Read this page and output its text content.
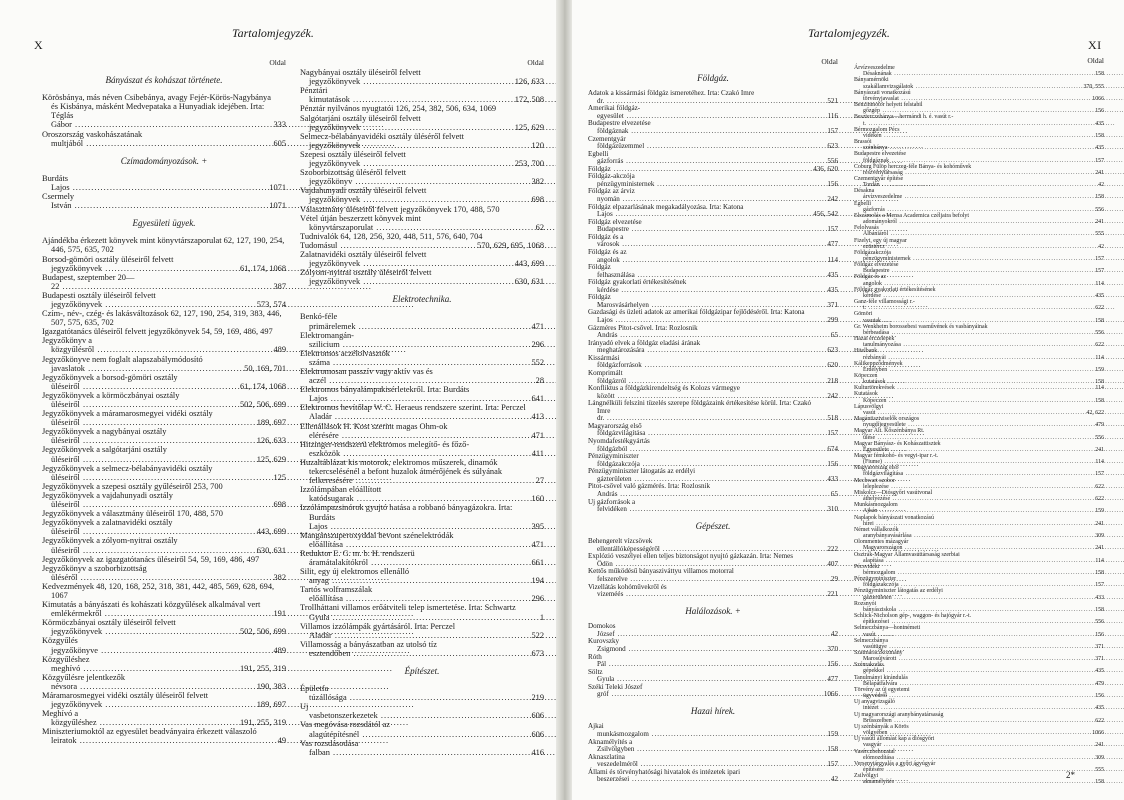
X
Tartalomjegyzék.
Oldal
Bányászat és kohászat története.
Körösbánya, más néven Csibebánya, avagy Fejér-Körös-Nagybánya és Kisbánya, másként Medvepataka a Hunyadiak idejében. Irta: Téglás Gábor .....	333
Oroszország vaskohászatának multjából .....	605
Czímadományozások. +
Burdáts Lajos .....	1071
Csermely István .....	1071
Egyesületi ügyek.
Ajándékba érkezett könyvek mint könyvtárszaporulat 62, 127, 190, 254, 446, 575, 635, 702
Borsod-gömöri osztály üléseiről felvett jegyzőkönyvek .....	61, 174, 1068
Budapest, szeptember 20—22 .....	387
Budapesti osztály üléseiről felvett jegyzőkönyvek .....	573, 574
Czím-, név-, czég- és lakásváltozások 62, 127, 190, 254, 319, 383, 446, 507, 575, 635, 702
Igazgatótanács üléseiről felvett jegyzőkönyvek 54, 59, 169, 486, 497
Jegyzőkönyv a közgyűlésről .....	489
Jegyzőkönyve nem foglalt alapszabálymódosító javaslatok .....	50, 169, 701
Jegyzőkönyvek a borsod-gömöri osztály üléseiről .....	61, 174, 1068
Jegyzőkönyvek a körmöczbányai osztály üléseiről .....	502, 506, 699
Jegyzőkönyvek a máramarosmegyei vidéki osztály üléseiről .....	189, 697
Jegyzőkönyvek a nagybányai osztály üléseiről .....	126, 633
Jegyzőkönyvek a salgótarjáni osztály üléseiről .....	125, 629
Jegyzőkönyvek a selmecz-bélabányavidéki osztály üléseiről .....	125
Jegyzőkönyvek a szepesi osztály gyűléseiről 253, 700
Jegyzőkönyvek a vajdahunyadi osztály üléseiről .....	698
Jegyzőkönyvek a választmány üléseiről 170, 488, 570
Jegyzőkönyvek a zalatnavidéki osztály üléseiről .....	443, 699
Jegyzőkönyvek a zólyom-nyitrai osztály üléseiről .....	630, 631
Jegyzőkönyvek az igazgatótanács üléseiről 54, 59, 169, 486, 497
Jegyzőkönyv a szoborbizottság üléséről .....	382
Kedvezmények 48, 120, 168, 252, 318, 381, 442, 485, 569, 628, 694, 1067
Kimutatás a bányászati és kohászati közgyűlések alkalmával vert emlékérmekről .....	191
Körmöczbányai osztály üléseiről felvett jegyzőkönyvek .....	502, 506, 699
Közgyűlés jegyzőkönyve .....	489
Közgyűléshez meghívó .....	191, 255, 319
Közgyűlésre jelentkezők névsora .....	190, 383
Máramarosmegyei vidéki osztály üléseiről felvett jegyzőkönyvek .....	189, 697
Meghívó a közgyűléshez .....	191, 255, 319
Miniszteriumoktól az egyesület beadványaira érkezett válaszoló leiratok .....	49
Oldal
Nagybányai osztály üléseiről felvett jegyzőkönyvek .....	126, 633
Pénztári kimutatások .....	172, 508
Pénztár nyilvános nyugtatói 126, 254, 382, 506, 634, 1069
Salgótarjáni osztály üléseiről felvett jegyzőkönyvek .....	125, 629
Selmecz-bélabányavidéki osztály üléséről felvett jegyzőkönyvek .....	120
Szepesi osztály üléseiről felvett jegyzőkönyvek .....	253, 700
Szoborbizottság üléséről felvett jegyzőkönyv .....	382
Vajdahunyadi osztály üléseiről felvett jegyzőkönyvek .....	698
Választmány üléseiről felvett jegyzőkönyvek 170, 488, 570
Vétel útján beszerzett könyvek mint könyvtárszaporulat .....	62
Tudnivalók 64, 128, 256, 320, 448, 511, 576, 640, 704
Tudomásul .....	570, 629, 695, 1068
Zalatnavidéki osztály üléseiről felvett jegyzőkönyvek .....	443, 699
Zólyom-nyitrai osztály üléseiről felvett jegyzőkönyvek .....	630, 631
Elektrotechnika.
Benkó-féle primärelemek .....	471
Elektromangán-szilicium .....	296
Elektromos aczélolvasztók száma .....	552
Elektromosan passzív vagy aktív vas és aczél .....	28
Elektromos bányalámpakisérletekről. Irta: Burdáts Lajos .....	641
Elektromos hevítőlap W. C. Heraeus rendszere szerint. Irta: Perczel Aladár .....	413
Ellenállások H. Kost szerint magas Ohm-ok elérésére .....	471
Hitzinger-rendszerü elektromos melegítő- és főző-eszközök .....	411
Huzaltáblázat kis motorok, elektromos műszerek, dinamók tekercselésénél a befont huzalok átmérőjének és súlyának felkeresésére .....	27
Izzólámpában elóállított katódsugarak .....	160
Izzólámpazsinórok gyujtó hatása a robbanó bányagázokra. Irta: Burdáts Lajos .....	395
Mangánszuperoxyddal bevont szénelektródák előállítása .....	471
Reduktor E. G. m. b. H. rendszerü áramátalakítókról .....	661
Silit, egy új elektromos ellenálló anyag .....	194
Tartós wolframszálak előállítása .....	296
Trollháttani villamos erőátviteli telep ismertetése. Irta: Schwartz Gyula .....	1
Villamos izzólámpák gyártásáról. Irta: Perczel Aladár .....	522
Villamosság a bányászatban az utolsó tíz esztendőben .....	673
Építészet.
Épületfa túzállósága .....	219
Uj vasbetonszerkezetek .....	606
Vas megóvása rozsdától az alagútépítésnél .....	606
Vas rozsdásodása falban .....	416
Tartalomjegyzék.
XI
Oldal
Földgáz.
Adatok a kissármási földgáz ismeretéhez. Irta: Czakó Imre dr. .....	521
Amerikai földgáz-egyesület .....	116
Budapestre elvezetése földgáznak .....	157
Czementgyár földgázüzemmel .....	623
Egbelli gázforrás .....	556
Földgáz .....	436, 620
Földgáz-akczója pénzügyministernek .....	156
Földgáz az árviz nyomán .....	242
Földgáz elpazarlásának megakadályozása. Irta: Katona Lajos .....	456, 542
Földgáz elvezetése Budapestre .....	157
Földgáz és a városok .....	477
Földgáz és az angolok .....	114
Földgáz felhasználása .....	435
Földgáz gyakorlati értékesítésének kérdése .....	435
Földgáz Marosvásárhelyen .....	371
Gazdasági és üzleti adatok az amerikai földgázipar fejlődéséről. Irta: Katona Lajos .....	299
Gázméres Pitot-csővel. Irta: Rozlosnik András .....	65
Irányadó elvek a földgáz eladási árának meghatározására .....	623
Kissármási földgázforrások .....	620
Komprimált földgázról .....	218
Konfliktus a földgázkirendeltség és Kolozs vármegye között .....	242
Lángnélküli felszíni tüzelés szerepe földgázaink értékesítése körül. Irta: Czakó Imre dr. .....	518
Magyarország első földgázvilágítása .....	157
Nyomdafestékgyártás földgázból .....	674
Pénzügyminiszter földgázakczója .....	156
Pénzügyminiszter látogatás az erdélyi gázterületen .....	433
Pitot-csővel való gázmérés. Irta: Rozlosnik András .....	65
Uj gázforrások a felvidéken .....	310
Gépészet.
Behengerelt vízcsövek ellentállóképességéről .....	222
Explózió veszélyei ellen teljes biztonságot nyujtó gázkazán. Irta: Nemes Ödön .....	407
Kettős működésű bányasziváttyu villamos motorral felszerelve .....	29
Vizellátás kohóművekről és vizeméés .....	221
Halálozások. +
Domokos József .....	42
Kurovszky Zsigmond .....	370
Róth Pál .....	156
Söltz Gyula .....	477
Széki Teleki Jószef gróf .....	1066
Hazai hírek.
Ajkai munkásmozgalom .....	159
Aknamélyítés a Zsilvölgyben .....	158
Aknaszlatina veszedelméről .....	157
Állami és törvényhatósági hivatalok és intézetek ipari beszerzései .....	42
Oldal
Árvízveszedelme Désaknának .....	158
Bányamérnöki szakállamvizsgálatok .....	370, 555
Bányászati vonatkozású törvényjavaslat .....	1066
Benzinmotor helyett felstabil gőzgép .....	156
Beszterczebánya—hermándi h. é. vasút r.-t. .....	435
Bérmozgalom Pécs vidékén .....	158
Brassói szénbánya .....	435
Budapestre elvezetése földgáznak .....	157
Coburg Fülöp herczeg-féle Bánya- és kohóművek részvénytársaság .....	241
Czementgyár építése Tordán .....	42
Désakna árvízveszedelme .....	158
Egbelli gázforrás .....	556
Elszámolás a Mensa Academica czéljaira befolyt adományokról .....	241
Felolvasás Albániáról .....	555
Fizelyt, egy új magyar ezüstércz .....	42
Földgázakczója pénzügyministernek .....	157
Földgáz elvezetése Budapestre .....	157
Földgáz és az angolok .....	114
Földgáz gyakorlati értékesítésének kérdése .....	435
Ganz-féle villamossági r.-t. .....	622
Gömöri vasutak .....	158
Gr. Wenkheim borossebesi vasművének és vasbányáinak bérbeadása .....	556
Hazai érczelepek tanulmányozása .....	622
Hitelbank rézbányái .....	114
Kálikeppződmények Erdélyben .....	159
Köpeczen kutatások .....	158
Kulturtörekvések .....	114
Kutatások Köpeczen .....	158
Lápusvölgyi vasút .....	42, 622
Magántisztviselők országos nyugdíjegyesülete .....	479
Magyar Ált. Kőszénbánya Rt. ülése .....	556
Magyar Bányász- és Kohászattisztek Egyesülete .....	241
Magyar fémkohó- és vegyi-ipar r.-t. (Fiume) .....	114
Magyarország első földgázvilágítása .....	157
Mechwart szobor leleplezése .....	622
Miskolcz—Diósgyőri vasútvonal áthelyezése .....	622
Munkásmozgalom Ajkán .....	159
Naplapok bányászati vonatkozású hírei .....	241
Német vállalkozók aranybányavásárlása .....	309
Olommentes mázagyár Magyarországon .....	241
Osztrák-Magyar Államvasúttársaság szerbiai alapítása .....	114
Pécsvidéki bérmozgalom .....	158
Pénzügyminiszter földgázakczója .....	157
Pénzügyminiszter látogatás az erdélyi gázterületen .....	433
Rozsnyói bányásziskola .....	158
Schlick-Nicholson gép-, waggon- és hajógyár r.-t. építkezései .....	556
Selmeczbánya—hontnémeti vasút .....	156
Selmeczbánya vasútügye .....	371
Szatmáraczkozmány Marosújvárott .....	371
Szénrakodás gépekkel .....	435
Tanulmányi kirándulás Bélapátfalvára .....	479
Törvény az új egyetemi ügyvédről .....	156
Uj anyagvizsgáló intézet .....	435
Uj magyarországi aranybányatársaság Brüsszelben .....	622
Uj szénbányák a Körös völgyében .....	1066
Uj vasúti állomást kap a diósgyőri vasgyár .....	241
Vasérczbehozatal elómozdítása .....	309
Versenytárgyalás a győri ágyúgyár építésére .....	555
Zsilvölgyi aknamélyítés .....	158
2*
